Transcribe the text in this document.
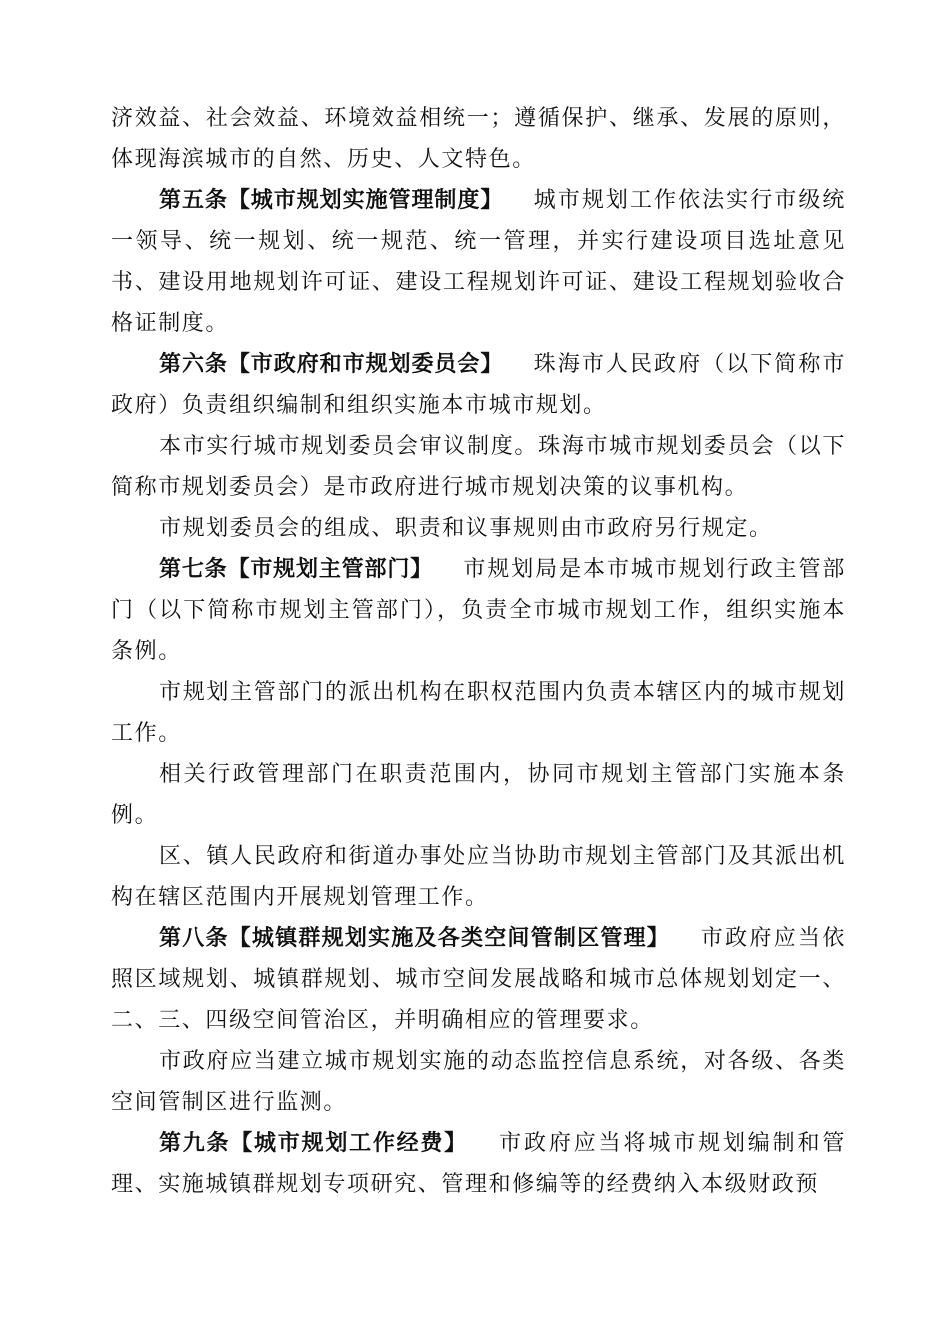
济效益、社会效益、环境效益相统一；遵循保护、继承、发展的原则，体现海滨城市的自然、历史、人文特色。

第五条【城市规划实施管理制度】 城市规划工作依法实行市级统一领导、统一规划、统一规范、统一管理，并实行建设项目选址意见书、建设用地规划许可证、建设工程规划许可证、建设工程规划验收合格证制度。

第六条【市政府和市规划委员会】 珠海市人民政府（以下简称市政府）负责组织编制和组织实施本市城市规划。

本市实行城市规划委员会审议制度。珠海市城市规划委员会（以下简称市规划委员会）是市政府进行城市规划决策的议事机构。

市规划委员会的组成、职责和议事规则由市政府另行规定。

第七条【市规划主管部门】 市规划局是本市城市规划行政主管部门（以下简称市规划主管部门），负责全市城市规划工作，组织实施本条例。

市规划主管部门的派出机构在职权范围内负责本辖区内的城市规划工作。

相关行政管理部门在职责范围内，协同市规划主管部门实施本条例。

区、镇人民政府和街道办事处应当协助市规划主管部门及其派出机构在辖区范围内开展规划管理工作。

第八条【城镇群规划实施及各类空间管制区管理】 市政府应当依照区域规划、城镇群规划、城市空间发展战略和城市总体规划划定一、二、三、四级空间管治区，并明确相应的管理要求。

市政府应当建立城市规划实施的动态监控信息系统，对各级、各类空间管制区进行监测。

第九条【城市规划工作经费】 市政府应当将城市规划编制和管理、实施城镇群规划专项研究、管理和修编等的经费纳入本级财政预
